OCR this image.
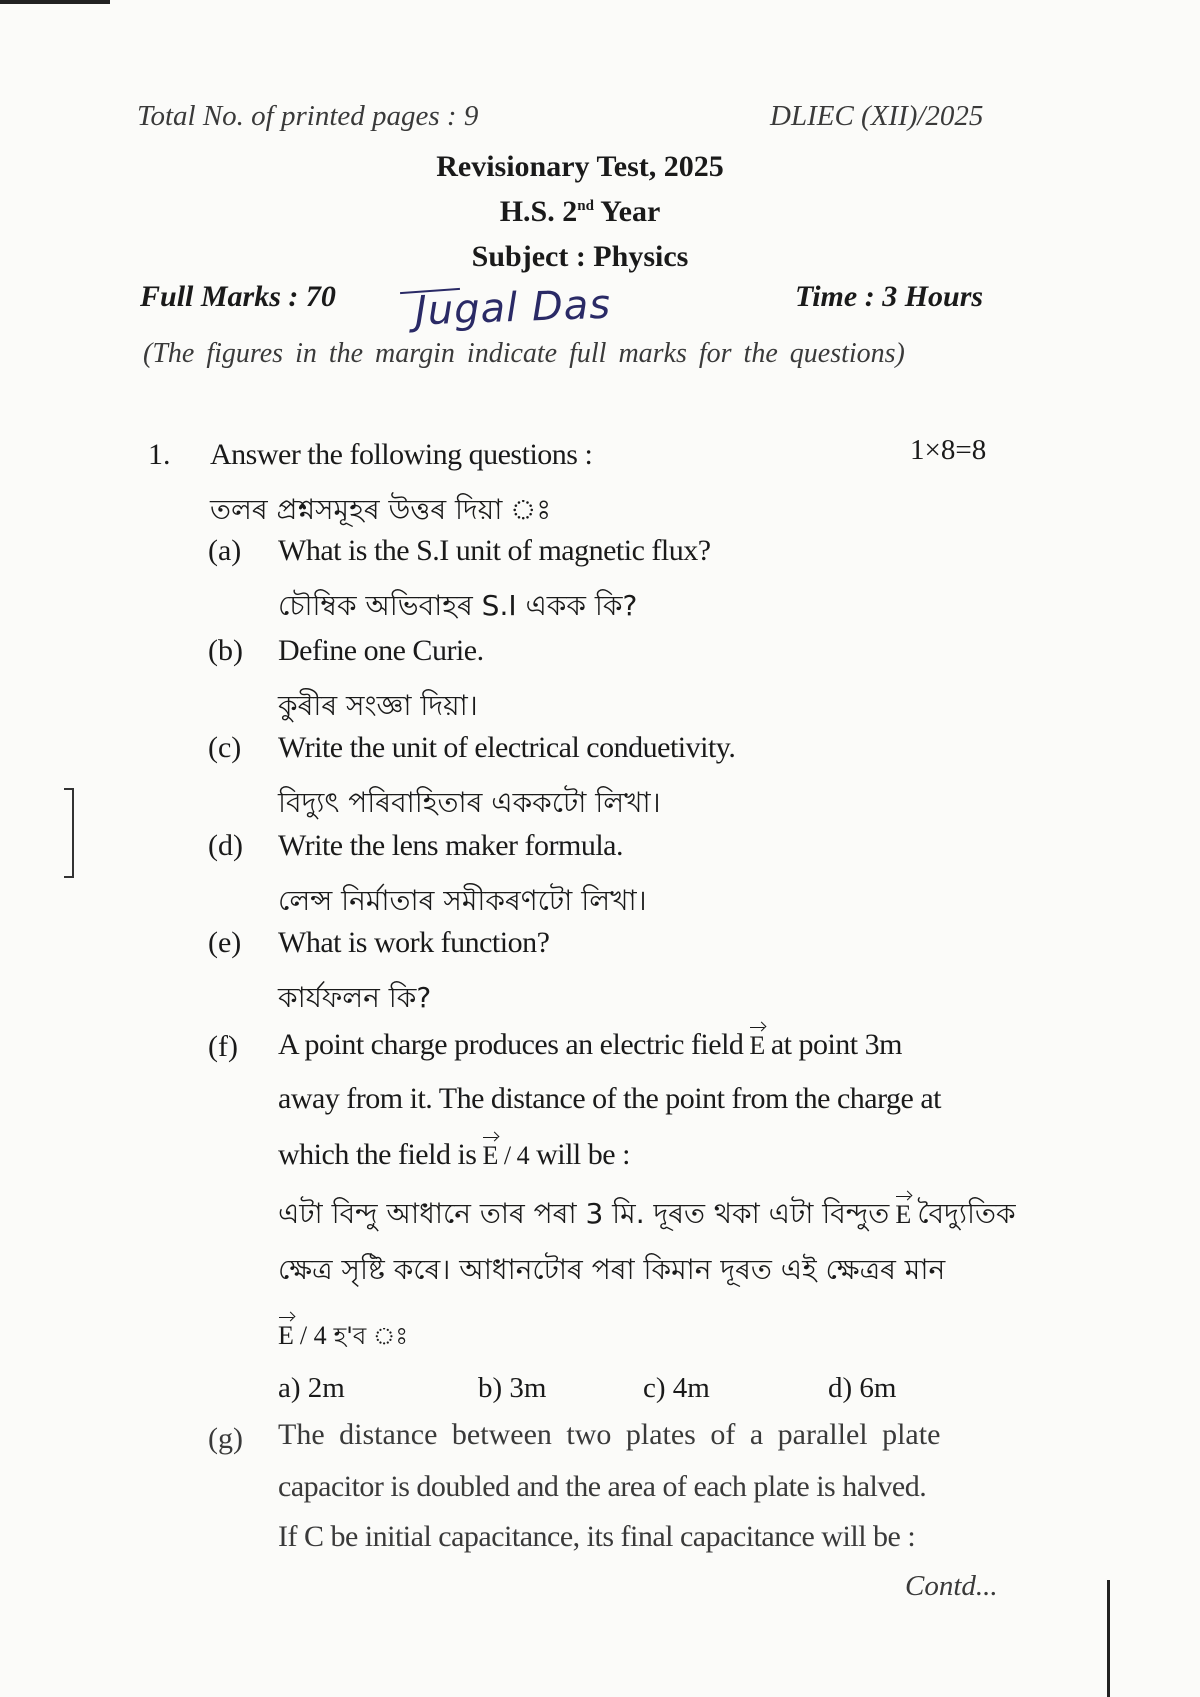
Total No. of printed pages : 9	DLIEC (XII)/2025
Revisionary Test, 2025
H.S. 2nd Year
Subject : Physics
Full Marks : 70	Time : 3 Hours
Jugal Das
(The figures in the margin indicate full marks for the questions)
1. Answer the following questions :	1×8=8
তলৰ প্ৰশ্নসমূহৰ উত্তৰ দিয়া ঃ
(a) What is the S.I unit of magnetic flux?
চৌম্বিক অভিবাহৰ S.I একক কি?
(b) Define one Curie.
কুৰীৰ সংজ্ঞা দিয়া।
(c) Write the unit of electrical conduetivity.
বিদ্যুৎ পৰিবাহিতাৰ এককটো লিখা।
(d) Write the lens maker formula.
লেন্স নিৰ্মাতাৰ সমীকৰণটো লিখা।
(e) What is work function?
কাৰ্যফলন কি?
(f) A point charge produces an electric field E at point 3m
away from it. The distance of the point from the charge at
which the field is E / 4 will be :
এটা বিন্দু আধানে তাৰ পৰা 3 মি. দূৰত থকা এটা বিন্দুত E বৈদ্যুতিক
ক্ষেত্ৰ সৃষ্টি কৰে। আধানটোৰ পৰা কিমান দূৰত এই ক্ষেত্ৰৰ মান
E / 4 হ'ব ঃ
a) 2m	b) 3m	c) 4m	d) 6m
(g) The distance between two plates of a parallel plate
capacitor is doubled and the area of each plate is halved.
If C be initial capacitance, its final capacitance will be :
Contd...
